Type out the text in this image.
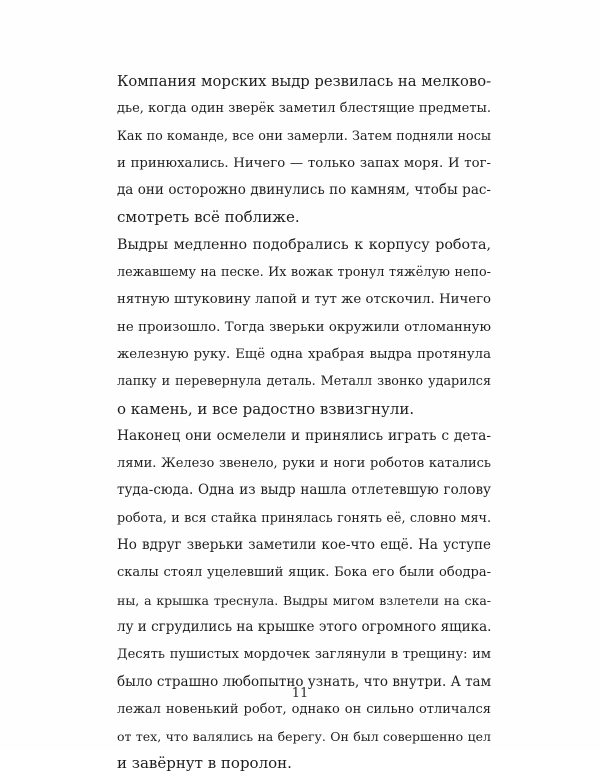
Компания морских выдр резвилась на мелково-
дье, когда один зверёк заметил блестящие предметы.
Как по команде, все они замерли. Затем подняли носы
и принюхались. Ничего — только запах моря. И тог-
да они осторожно двинулись по камням, чтобы рас-
смотреть всё поближе.
Выдры медленно подобрались к корпусу робота,
лежавшему на песке. Их вожак тронул тяжёлую непо-
нятную штуковину лапой и тут же отскочил. Ничего
не произошло. Тогда зверьки окружили отломанную
железную руку. Ещё одна храбрая выдра протянула
лапку и перевернула деталь. Металл звонко ударился
о камень, и все радостно взвизгнули.
Наконец они осмелели и принялись играть с дета-
лями. Железо звенело, руки и ноги роботов катались
туда-сюда. Одна из выдр нашла отлетевшую голову
робота, и вся стайка принялась гонять её, словно мяч.
Но вдруг зверьки заметили кое-что ещё. На уступе
скалы стоял уцелевший ящик. Бока его были ободра-
ны, а крышка треснула. Выдры мигом взлетели на ска-
лу и сгрудились на крышке этого огромного ящика.
Десять пушистых мордочек заглянули в трещину: им
было страшно любопытно узнать, что внутри. А там
лежал новенький робот, однако он сильно отличался
от тех, что валялись на берегу. Он был совершенно цел
и завёрнут в поролон.
11
